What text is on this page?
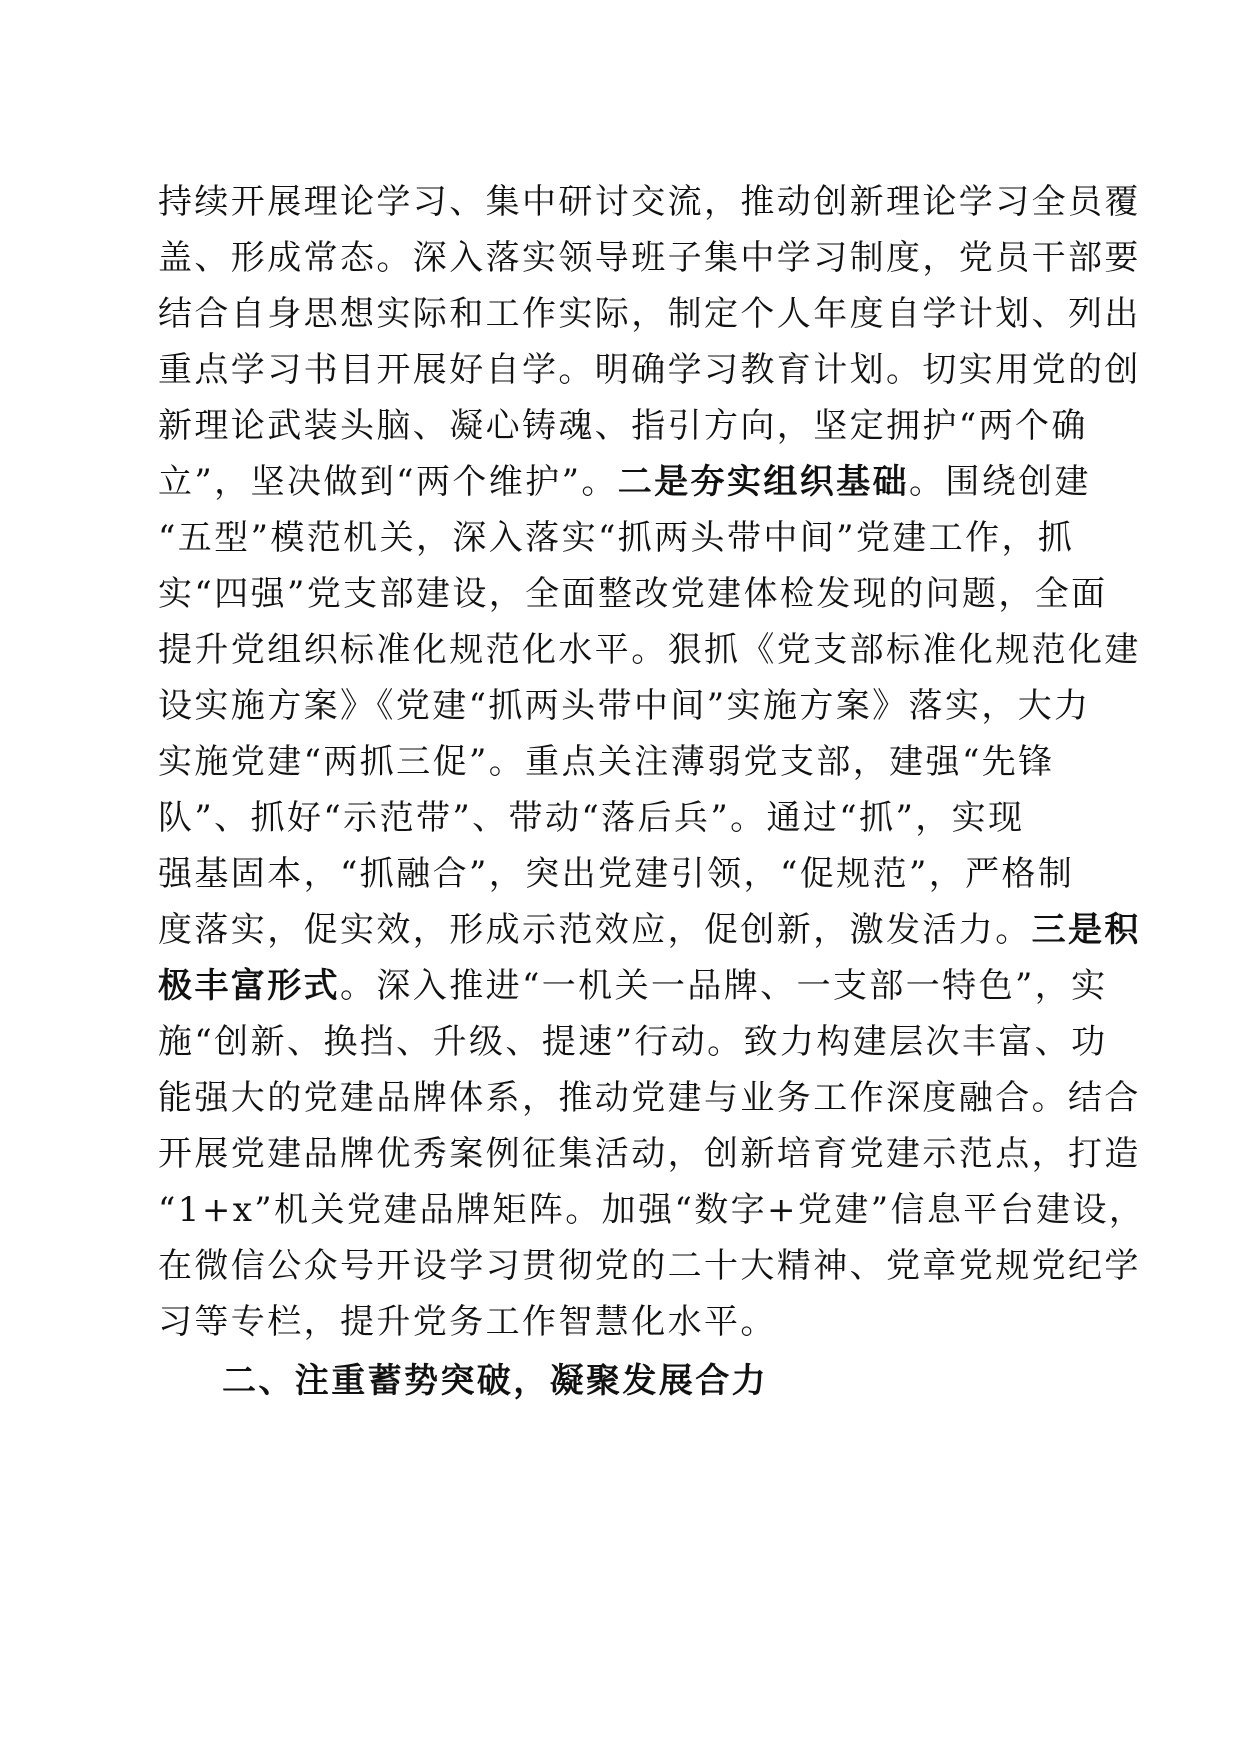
持续开展理论学习、集中研讨交流，推动创新理论学习全员覆
盖、形成常态。深入落实领导班子集中学习制度，党员干部要
结合自身思想实际和工作实际，制定个人年度自学计划、列出
重点学习书目开展好自学。明确学习教育计划。切实用党的创
新理论武装头脑、凝心铸魂、指引方向，坚定拥护“两个确
立”，坚决做到“两个维护”。二是夯实组织基础。围绕创建
“五型”模范机关，深入落实“抓两头带中间”党建工作，抓
实“四强”党支部建设，全面整改党建体检发现的问题，全面
提升党组织标准化规范化水平。狠抓《党支部标准化规范化建
设实施方案》《党建“抓两头带中间”实施方案》落实，大力
实施党建“两抓三促”。重点关注薄弱党支部，建强“先锋
队”、抓好“示范带”、带动“落后兵”。通过“抓”，实现
强基固本，“抓融合”，突出党建引领，“促规范”，严格制
度落实，促实效，形成示范效应，促创新，激发活力。三是积
极丰富形式。深入推进“一机关一品牌、一支部一特色”，实
施“创新、换挡、升级、提速”行动。致力构建层次丰富、功
能强大的党建品牌体系，推动党建与业务工作深度融合。结合
开展党建品牌优秀案例征集活动，创新培育党建示范点，打造
“1+x”机关党建品牌矩阵。加强“数字+党建”信息平台建设，
在微信公众号开设学习贯彻党的二十大精神、党章党规党纪学
习等专栏，提升党务工作智慧化水平。
二、注重蓄势突破，凝聚发展合力
